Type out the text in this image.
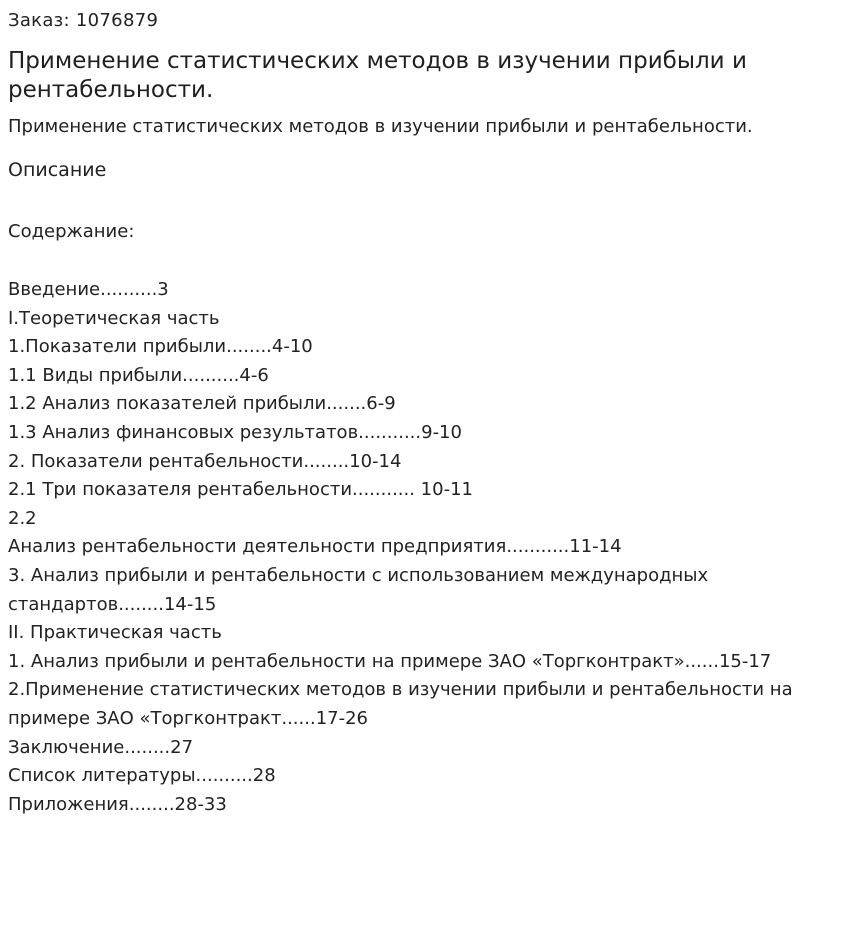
Заказ: 1076879
Применение статистических методов в изучении прибыли и рентабельности.
Применение статистических методов в изучении прибыли и рентабельности.
Описание
Содержание:
Введение..........3
I.Теоретическая часть
1.Показатели прибыли........4-10
1.1 Виды прибыли..........4-6
1.2 Анализ показателей прибыли.......6-9
1.3 Анализ финансовых результатов...........9-10
2. Показатели рентабельности........10-14
2.1 Три показателя рентабельности........... 10-11
2.2
Анализ рентабельности деятельности предприятия...........11-14
3. Анализ прибыли и рентабельности с использованием международных
стандартов........14-15
II. Практическая часть
1. Анализ прибыли и рентабельности на примере ЗАО «Торгконтракт»......15-17
2.Применение статистических методов в изучении прибыли и рентабельности на
примере ЗАО «Торгконтракт......17-26
Заключение........27
Список литературы..........28
Приложения........28-33
